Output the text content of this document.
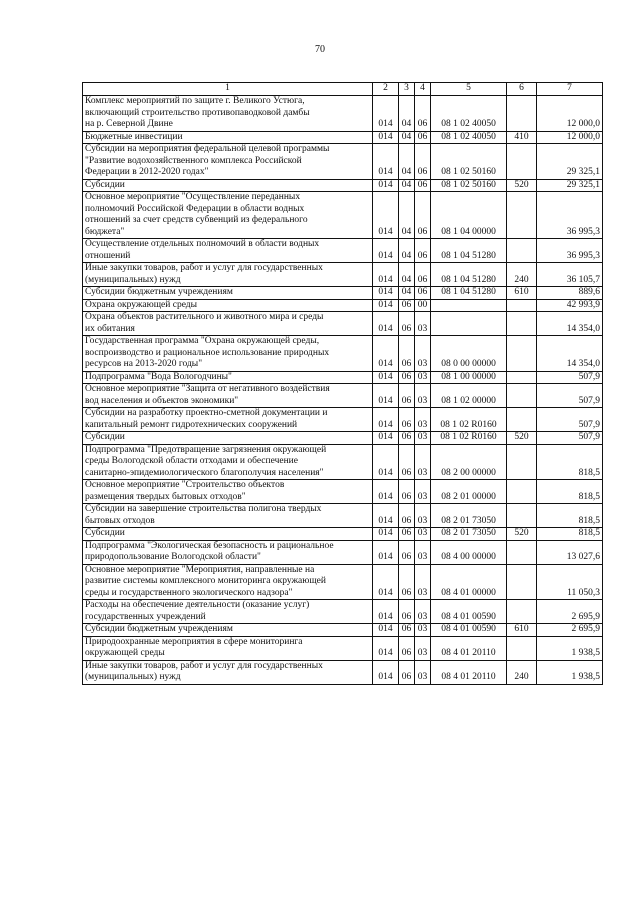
70
1	2	3	4	5	6	7
Комплекс мероприятий по защите г. Великого Устюга,
включающий строительство противопаводковой дамбы
на р. Северной Двине	014	04	06	08 1 02 40050		12 000,0
Бюджетные инвестиции	014	04	06	08 1 02 40050	410	12 000,0
Субсидии на мероприятия федеральной целевой программы
"Развитие водохозяйственного комплекса Российской
Федерации в 2012-2020 годах"	014	04	06	08 1 02 50160		29 325,1
Субсидии	014	04	06	08 1 02 50160	520	29 325,1
Основное мероприятие "Осуществление переданных
полномочий Российской Федерации в области водных
отношений за счет средств субвенций из федерального
бюджета"	014	04	06	08 1 04 00000		36 995,3
Осуществление отдельных полномочий в области водных
отношений	014	04	06	08 1 04 51280		36 995,3
Иные закупки товаров, работ и услуг для государственных
(муниципальных) нужд	014	04	06	08 1 04 51280	240	36 105,7
Субсидии бюджетным учреждениям	014	04	06	08 1 04 51280	610	889,6
Охрана окружающей среды	014	06	00			42 993,9
Охрана объектов растительного и животного мира и среды
их обитания	014	06	03			14 354,0
Государственная программа "Охрана окружающей среды,
воспроизводство и рациональное использование природных
ресурсов на 2013-2020 годы"	014	06	03	08 0 00 00000		14 354,0
Подпрограмма "Вода Вологодчины"	014	06	03	08 1 00 00000		507,9
Основное мероприятие "Защита от негативного воздействия
вод населения и объектов экономики"	014	06	03	08 1 02 00000		507,9
Субсидии на разработку проектно-сметной документации и
капитальный ремонт гидротехнических сооружений	014	06	03	08 1 02 R0160		507,9
Субсидии	014	06	03	08 1 02 R0160	520	507,9
Подпрограмма "Предотвращение загрязнения окружающей
среды Вологодской области отходами и обеспечение
санитарно-эпидемиологического благополучия населения"	014	06	03	08 2 00 00000		818,5
Основное мероприятие "Строительство объектов
размещения твердых бытовых отходов"	014	06	03	08 2 01 00000		818,5
Субсидии на завершение строительства полигона твердых
бытовых отходов	014	06	03	08 2 01 73050		818,5
Субсидии	014	06	03	08 2 01 73050	520	818,5
Подпрограмма "Экологическая безопасность и рациональное
природопользование Вологодской области"	014	06	03	08 4 00 00000		13 027,6
Основное мероприятие "Мероприятия, направленные на
развитие системы комплексного мониторинга окружающей
среды и государственного экологического надзора"	014	06	03	08 4 01 00000		11 050,3
Расходы на обеспечение деятельности (оказание услуг)
государственных учреждений	014	06	03	08 4 01 00590		2 695,9
Субсидии бюджетным учреждениям	014	06	03	08 4 01 00590	610	2 695,9
Природоохранные мероприятия в сфере мониторинга
окружающей среды	014	06	03	08 4 01 20110		1 938,5
Иные закупки товаров, работ и услуг для государственных
(муниципальных) нужд	014	06	03	08 4 01 20110	240	1 938,5
